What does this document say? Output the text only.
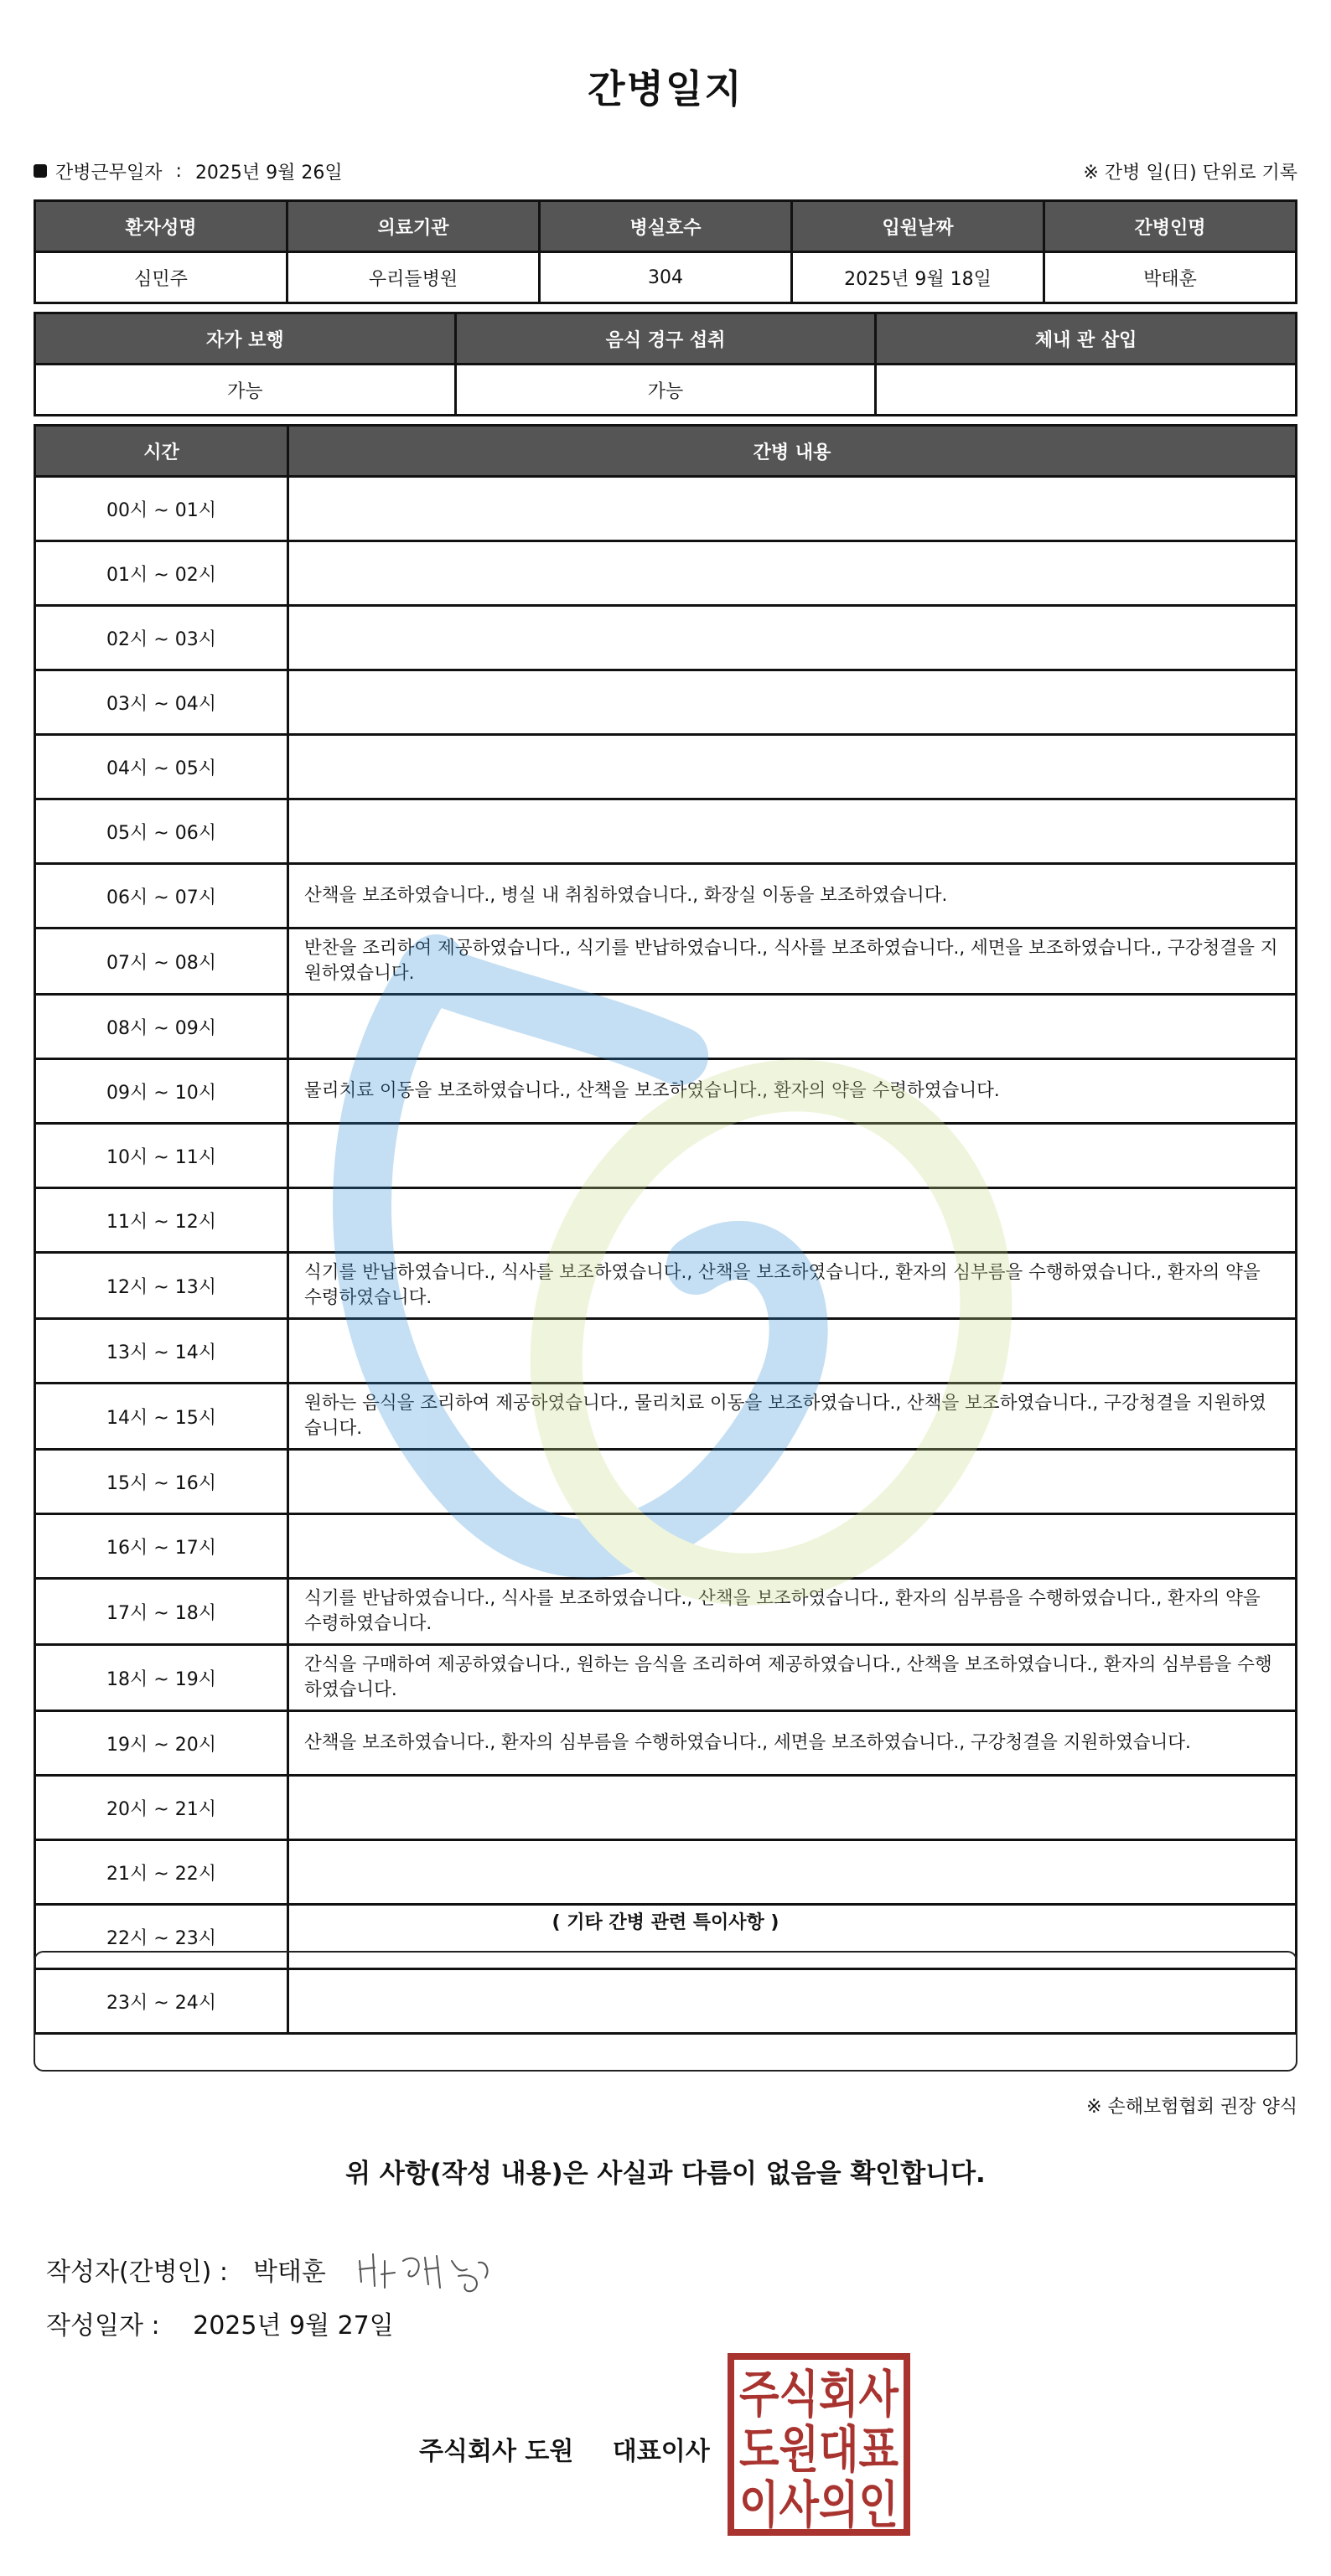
간병일지
간병근무일자 : 2025년 9월 26일	※ 간병 일(日) 단위로 기록
환자성명	의료기관	병실호수	입원날짜	간병인명
심민주	우리들병원	304	2025년 9월 18일	박태훈
자가 보행	음식 경구 섭취	체내 관 삽입
가능	가능	
시간	간병 내용
00시 ~ 01시	
01시 ~ 02시	
02시 ~ 03시	
03시 ~ 04시	
04시 ~ 05시	
05시 ~ 06시	
06시 ~ 07시	산책을 보조하였습니다., 병실 내 취침하였습니다., 화장실 이동을 보조하였습니다.
07시 ~ 08시	반찬을 조리하여 제공하였습니다., 식기를 반납하였습니다., 식사를 보조하였습니다., 세면을 보조하였습니다., 구강청결을 지원하였습니다.
08시 ~ 09시	
09시 ~ 10시	물리치료 이동을 보조하였습니다., 산책을 보조하였습니다., 환자의 약을 수령하였습니다.
10시 ~ 11시	
11시 ~ 12시	
12시 ~ 13시	식기를 반납하였습니다., 식사를 보조하였습니다., 산책을 보조하였습니다., 환자의 심부름을 수행하였습니다., 환자의 약을 수령하였습니다.
13시 ~ 14시	
14시 ~ 15시	원하는 음식을 조리하여 제공하였습니다., 물리치료 이동을 보조하였습니다., 산책을 보조하였습니다., 구강청결을 지원하였습니다.
15시 ~ 16시	
16시 ~ 17시	
17시 ~ 18시	식기를 반납하였습니다., 식사를 보조하였습니다., 산책을 보조하였습니다., 환자의 심부름을 수행하였습니다., 환자의 약을 수령하였습니다.
18시 ~ 19시	간식을 구매하여 제공하였습니다., 원하는 음식을 조리하여 제공하였습니다., 산책을 보조하였습니다., 환자의 심부름을 수행하였습니다.
19시 ~ 20시	산책을 보조하였습니다., 환자의 심부름을 수행하였습니다., 세면을 보조하였습니다., 구강청결을 지원하였습니다.
20시 ~ 21시	
21시 ~ 22시	
22시 ~ 23시	
23시 ~ 24시	
( 기타 간병 관련 특이사항 )
※ 손해보험협회 권장 양식
위 사항(작성 내용)은 사실과 다름이 없음을 확인합니다.
작성자(간병인) : 박태훈
작성일자 : 2025년 9월 27일
주식회사 도원 대표이사
주식회사
도원대표
이사의인
